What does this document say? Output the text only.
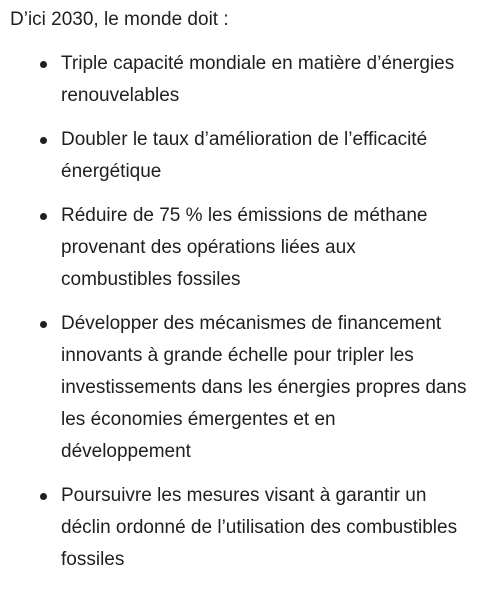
D’ici 2030, le monde doit :

Triple capacité mondiale en matière d’énergies renouvelables
Doubler le taux d’amélioration de l’efficacité énergétique
Réduire de 75 % les émissions de méthane provenant des opérations liées aux combustibles fossiles
Développer des mécanismes de financement innovants à grande échelle pour tripler les investissements dans les énergies propres dans les économies émergentes et en développement
Poursuivre les mesures visant à garantir un déclin ordonné de l’utilisation des combustibles fossiles
